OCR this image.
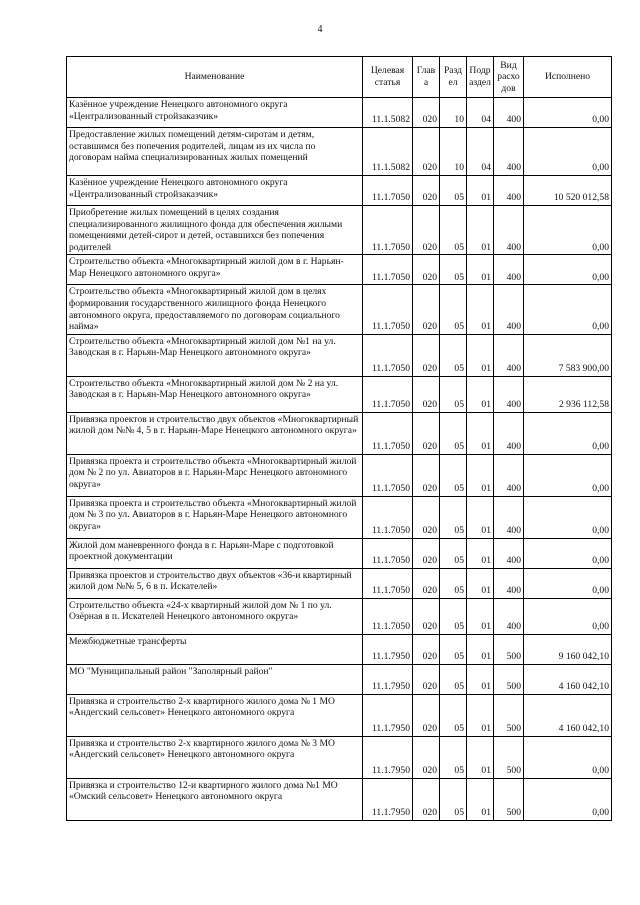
4
Наименование	Целевая статья	Глав а	Разд ел	Подр аздел	Вид расхо дов	Исполнено
Казённое учреждение Ненецкого автономного округа «Централизованный стройзаказчик»	11.1.5082	020	10	04	400	0,00
Предоставление жилых помещений детям-сиротам и детям, оставшимся без попечения родителей, лицам из их числа по договорам найма специализированных жилых помещений	11.1.5082	020	10	04	400	0,00
Казённое учреждение Ненецкого автономного округа «Централизованный стройзаказчик»	11.1.7050	020	05	01	400	10 520 012,58
Приобретение жилых помещений в целях создания специализированного жилищного фонда для обеспечения жилыми помещениями детей-сирот и детей, оставшихся без попечения родителей	11.1.7050	020	05	01	400	0,00
Строительство объекта «Многоквартирный жилой дом в г. Нарьян-Мар Ненецкого автономного округа»	11.1.7050	020	05	01	400	0,00
Строительство объекта «Многоквартирный жилой дом в целях формирования государственного жилищного фонда Ненецкого автономного округа, предоставляемого по договорам социального найма»	11.1.7050	020	05	01	400	0,00
Строительство объекта «Многоквартирный жилой дом №1 на ул. Заводская в г. Нарьян-Мар Ненецкого автономного округа»	11.1.7050	020	05	01	400	7 583 900,00
Строительство объекта «Многоквартирный жилой дом № 2 на ул. Заводская в г. Нарьян-Мар Ненецкого автономного округа»	11.1.7050	020	05	01	400	2 936 112,58
Привязка проектов и строительство двух объектов «Многоквартирный жилой дом №№ 4, 5 в г. Нарьян-Маре Ненецкого автономного округа»	11.1.7050	020	05	01	400	0,00
Привязка проекта и строительство объекта «Многоквартирный жилой дом № 2 по ул. Авиаторов в г. Нарьян-Марс Ненецкого автономного округа»	11.1.7050	020	05	01	400	0,00
Привязка проекта и строительство объекта «Многоквартирный жилой дом № 3 по ул. Авиаторов в г. Нарьян-Маре Ненецкого автономного округа»	11.1.7050	020	05	01	400	0,00
Жилой дом маневренного фонда в г. Нарьян-Маре с подготовкой проектной документации	11.1.7050	020	05	01	400	0,00
Привязка проектов и строительство двух объектов «36-и квартирный жилой дом №№ 5, 6 в п. Искателей»	11.1.7050	020	05	01	400	0,00
Строительство объекта «24-х квартирный жилой дом № 1 по ул. Озёрная в п. Искателей Ненецкого автономного округа»	11.1.7050	020	05	01	400	0,00
Межбюджетные трансферты	11.1.7950	020	05	01	500	9 160 042,10
МО "Муниципальный район "Заполярный район"	11.1.7950	020	05	01	500	4 160 042,10
Привязка и строительство 2-х квартирного жилого дома № 1 МО «Андегский сельсовет» Ненецкого автономного округа	11.1.7950	020	05	01	500	4 160 042,10
Привязка и строительство 2-х квартирного жилого дома № 3 МО «Андегский сельсовет» Ненецкого автономного округа	11.1.7950	020	05	01	500	0,00
Привязка и строительство 12-и квартирного жилого дома №1 МО «Омский сельсовет» Ненецкого автономного округа	11.1.7950	020	05	01	500	0,00
